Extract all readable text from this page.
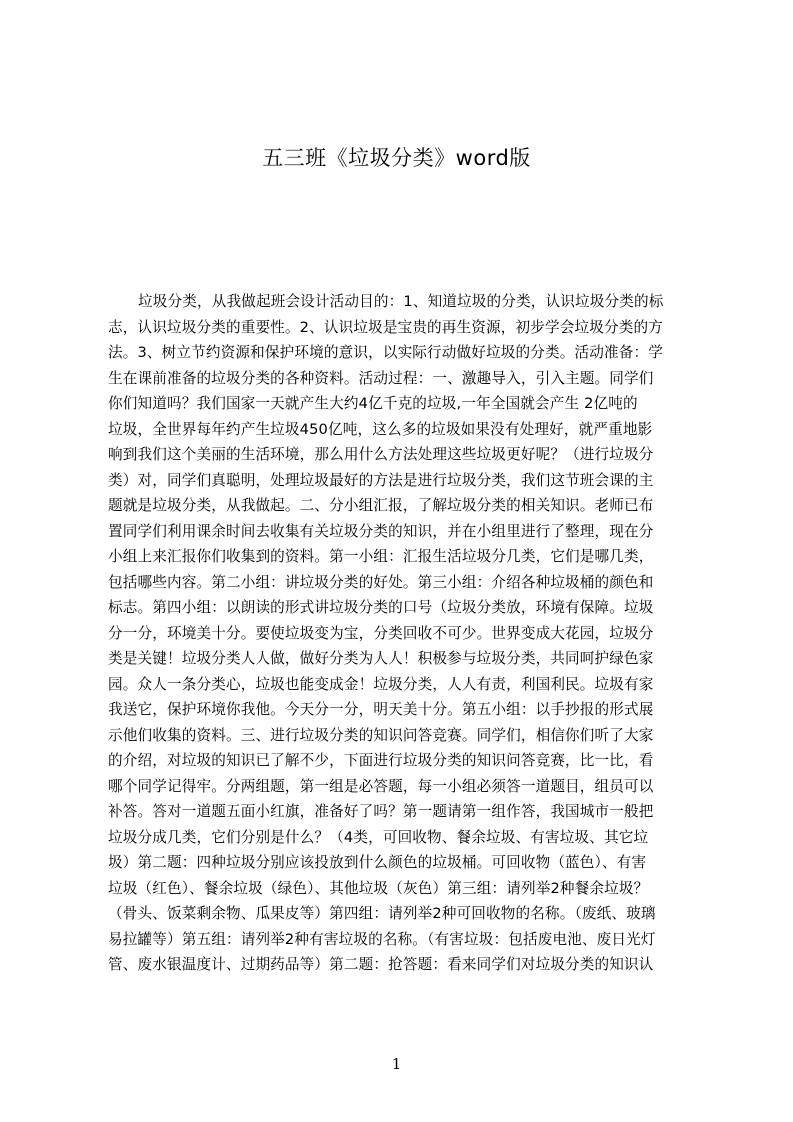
五三班《垃圾分类》word版
垃圾分类，从我做起班会设计活动目的：1、知道垃圾的分类，认识垃圾分类的标
志，认识垃圾分类的重要性。2、认识垃圾是宝贵的再生资源，初步学会垃圾分类的方
法。3、树立节约资源和保护环境的意识，以实际行动做好垃圾的分类。活动准备：学
生在课前准备的垃圾分类的各种资料。活动过程：一、激趣导入，引入主题。同学们
你们知道吗？我们国家一天就产生大约4亿千克的垃圾,一年全国就会产生 2亿吨的
垃圾，全世界每年约产生垃圾450亿吨，这么多的垃圾如果没有处理好，就严重地影
响到我们这个美丽的生活环境，那么用什么方法处理这些垃圾更好呢？（进行垃圾分
类）对，同学们真聪明，处理垃圾最好的方法是进行垃圾分类，我们这节班会课的主
题就是垃圾分类，从我做起。二、分小组汇报，了解垃圾分类的相关知识。老师已布
置同学们利用课余时间去收集有关垃圾分类的知识，并在小组里进行了整理，现在分
小组上来汇报你们收集到的资料。第一小组：汇报生活垃圾分几类，它们是哪几类，
包括哪些内容。第二小组：讲垃圾分类的好处。第三小组：介绍各种垃圾桶的颜色和
标志。第四小组：以朗读的形式讲垃圾分类的口号（垃圾分类放，环境有保障。垃圾
分一分，环境美十分。要使垃圾变为宝，分类回收不可少。世界变成大花园，垃圾分
类是关键！垃圾分类人人做，做好分类为人人！积极参与垃圾分类，共同呵护绿色家
园。众人一条分类心，垃圾也能变成金！垃圾分类，人人有责，利国利民。垃圾有家
我送它，保护环境你我他。今天分一分，明天美十分。第五小组：以手抄报的形式展
示他们收集的资料。三、进行垃圾分类的知识问答竞赛。同学们，相信你们听了大家
的介绍，对垃圾的知识已了解不少，下面进行垃圾分类的知识问答竞赛，比一比，看
哪个同学记得牢。分两组题，第一组是必答题，每一小组必须答一道题目，组员可以
补答。答对一道题五面小红旗，准备好了吗？第一题请第一组作答，我国城市一般把
垃圾分成几类，它们分别是什么？（4类，可回收物、餐余垃圾、有害垃圾、其它垃
圾）第二题：四种垃圾分别应该投放到什么颜色的垃圾桶。可回收物（蓝色）、有害
垃圾（红色）、餐余垃圾（绿色）、其他垃圾（灰色）第三组：请列举2种餐余垃圾？
（骨头、饭菜剩余物、瓜果皮等）第四组：请列举2种可回收物的名称。（废纸、玻璃
易拉罐等）第五组：请列举2种有害垃圾的名称。（有害垃圾：包括废电池、废日光灯
管、废水银温度计、过期药品等）第二题：抢答题：看来同学们对垃圾分类的知识认
1
